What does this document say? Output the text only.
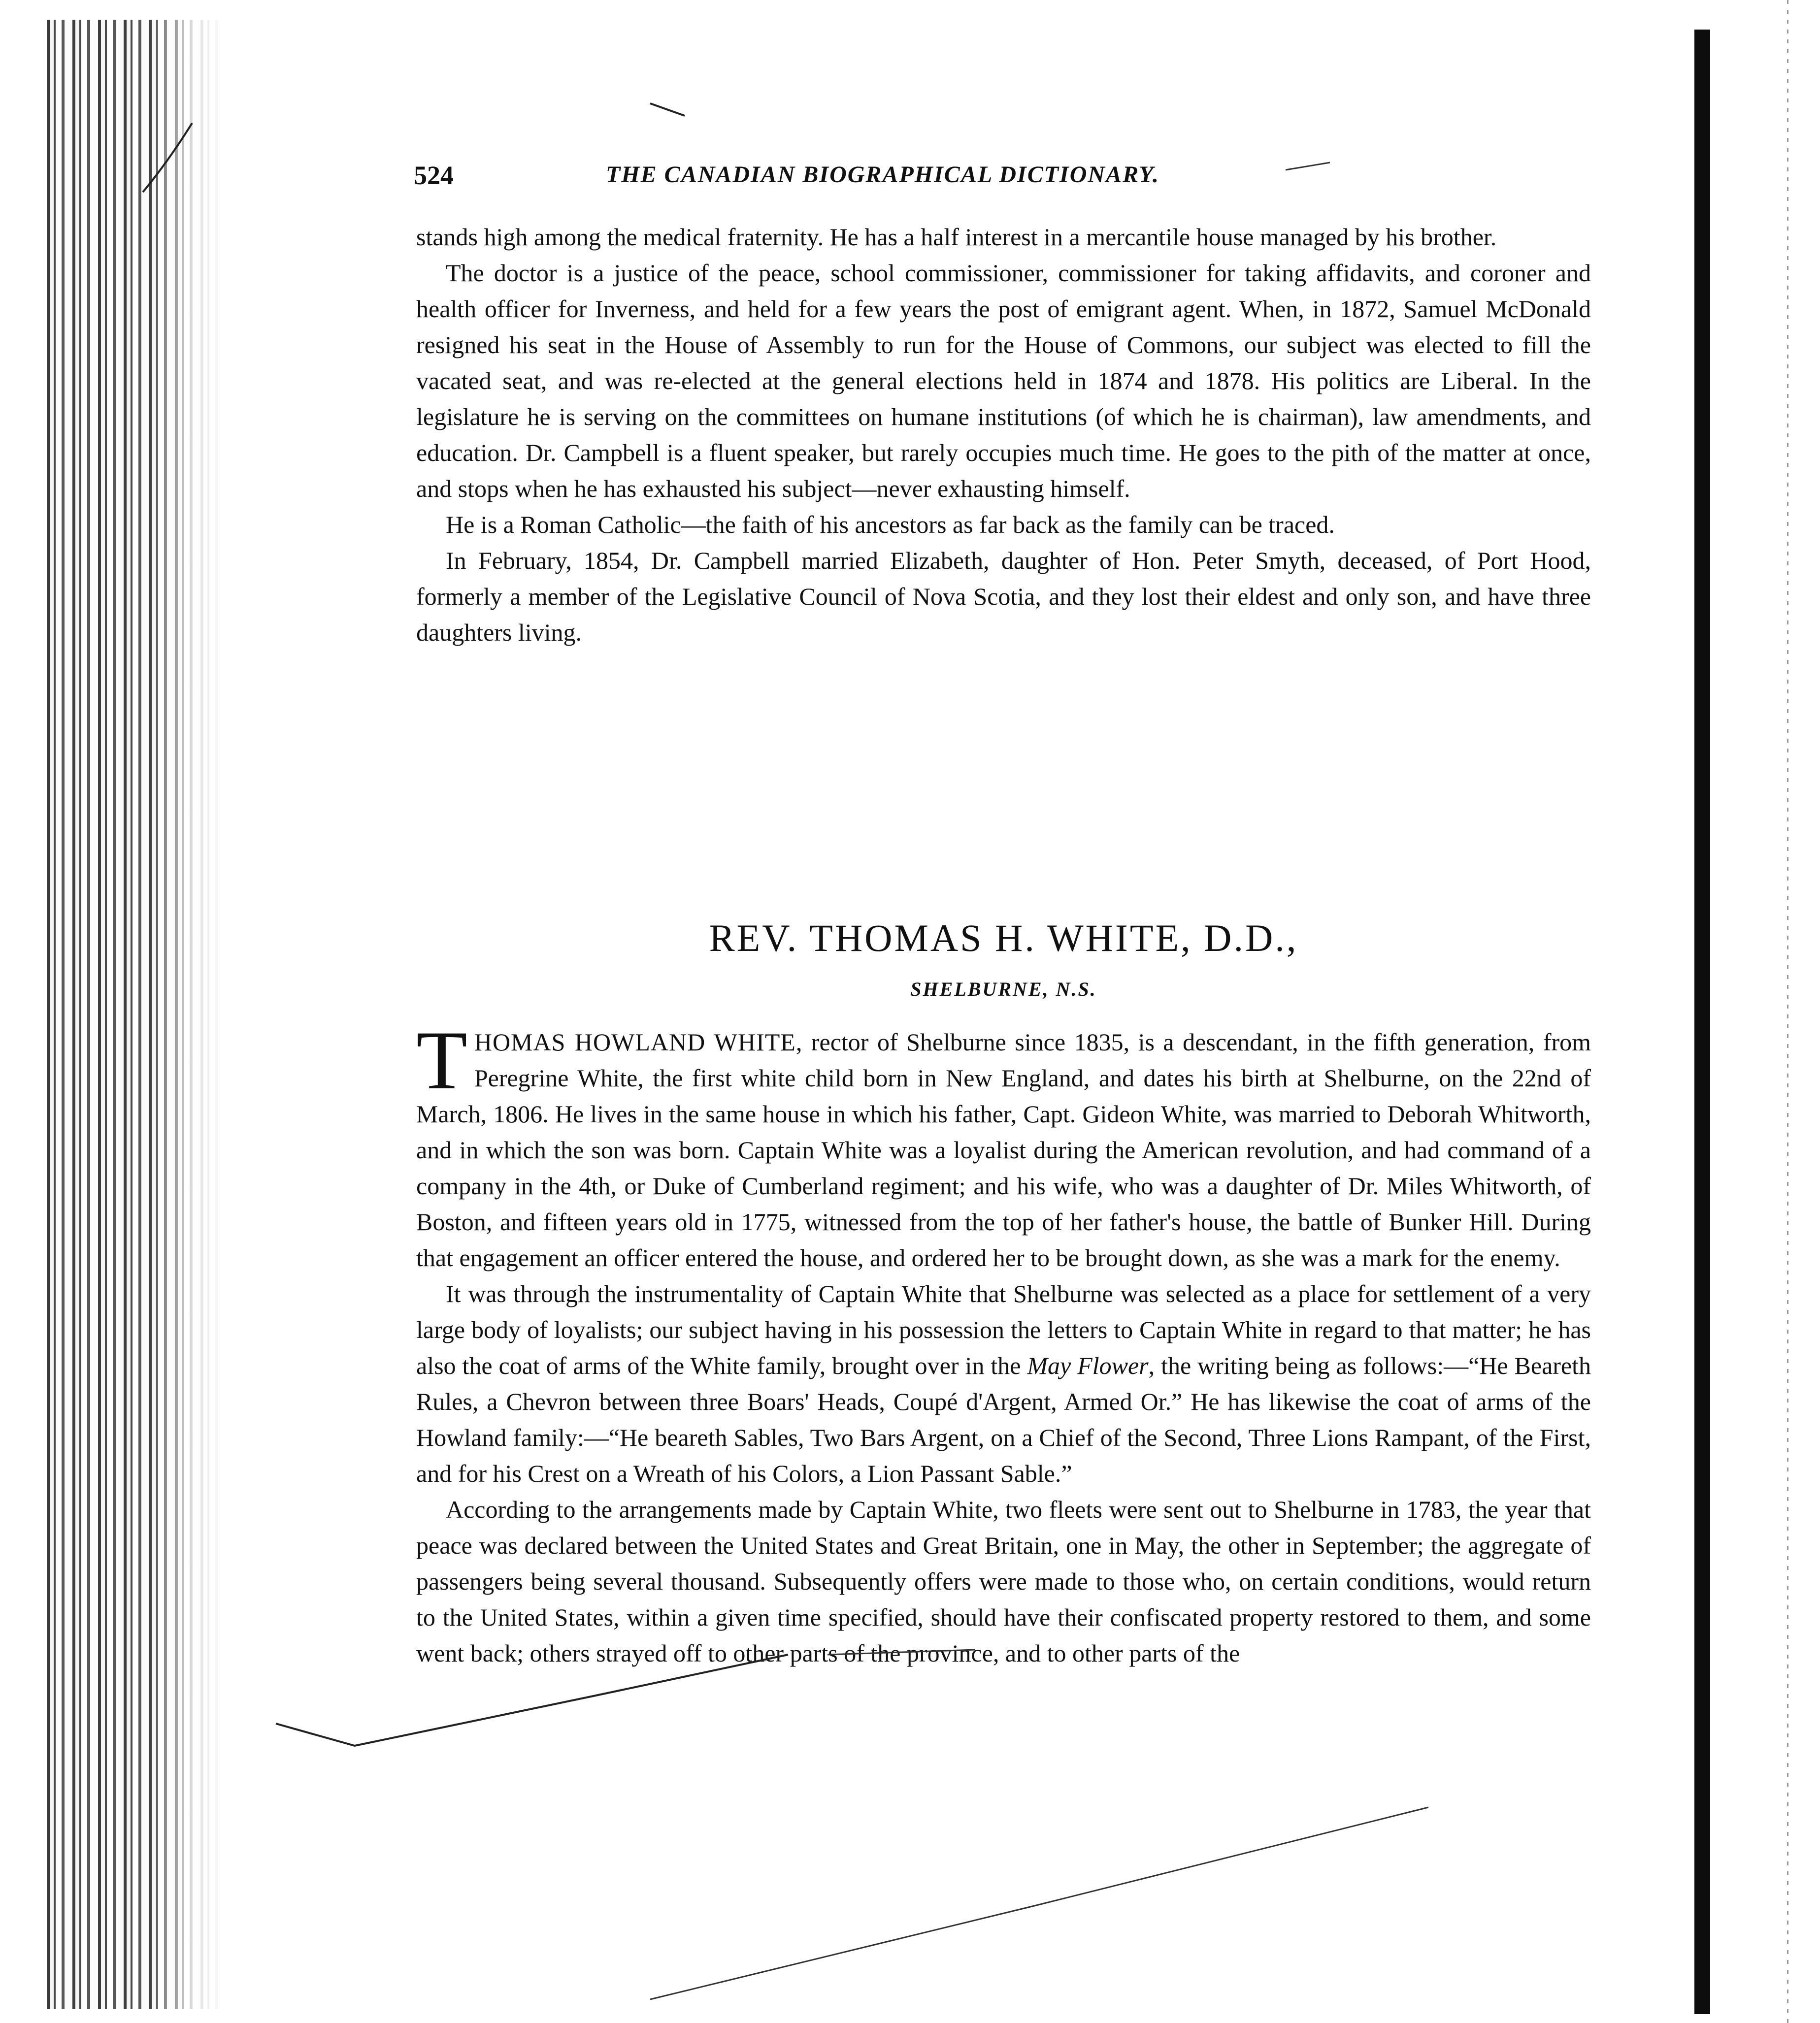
524	THE CANADIAN BIOGRAPHICAL DICTIONARY.

stands high among the medical fraternity. He has a half interest in a mercantile house managed by his brother.

The doctor is a justice of the peace, school commissioner, commissioner for taking affidavits, and coroner and health officer for Inverness, and held for a few years the post of emigrant agent. When, in 1872, Samuel McDonald resigned his seat in the House of Assembly to run for the House of Commons, our subject was elected to fill the vacated seat, and was re-elected at the general elections held in 1874 and 1878. His politics are Liberal. In the legislature he is serving on the committees on humane institutions (of which he is chairman), law amendments, and education. Dr. Campbell is a fluent speaker, but rarely occupies much time. He goes to the pith of the matter at once, and stops when he has exhausted his subject—never exhausting himself.

He is a Roman Catholic—the faith of his ancestors as far back as the family can be traced.

In February, 1854, Dr. Campbell married Elizabeth, daughter of Hon. Peter Smyth, deceased, of Port Hood, formerly a member of the Legislative Council of Nova Scotia, and they lost their eldest and only son, and have three daughters living.

REV. THOMAS H. WHITE, D.D.,
SHELBURNE, N.S.

THOMAS HOWLAND WHITE, rector of Shelburne since 1835, is a descendant, in the fifth generation, from Peregrine White, the first white child born in New England, and dates his birth at Shelburne, on the 22nd of March, 1806. He lives in the same house in which his father, Capt. Gideon White, was married to Deborah Whitworth, and in which the son was born. Captain White was a loyalist during the American revolution, and had command of a company in the 4th, or Duke of Cumberland regiment; and his wife, who was a daughter of Dr. Miles Whitworth, of Boston, and fifteen years old in 1775, witnessed from the top of her father's house, the battle of Bunker Hill. During that engagement an officer entered the house, and ordered her to be brought down, as she was a mark for the enemy.

It was through the instrumentality of Captain White that Shelburne was selected as a place for settlement of a very large body of loyalists; our subject having in his possession the letters to Captain White in regard to that matter; he has also the coat of arms of the White family, brought over in the May Flower, the writing being as follows:—“He Beareth Rules, a Chevron between three Boars' Heads, Coupé d'Argent, Armed Or.” He has likewise the coat of arms of the Howland family:—“He beareth Sables, Two Bars Argent, on a Chief of the Second, Three Lions Rampant, of the First, and for his Crest on a Wreath of his Colors, a Lion Passant Sable.”

According to the arrangements made by Captain White, two fleets were sent out to Shelburne in 1783, the year that peace was declared between the United States and Great Britain, one in May, the other in September; the aggregate of passengers being several thousand. Subsequently offers were made to those who, on certain conditions, would return to the United States, within a given time specified, should have their confiscated property restored to them, and some went back; others strayed off to other parts of the province, and to other parts of the
